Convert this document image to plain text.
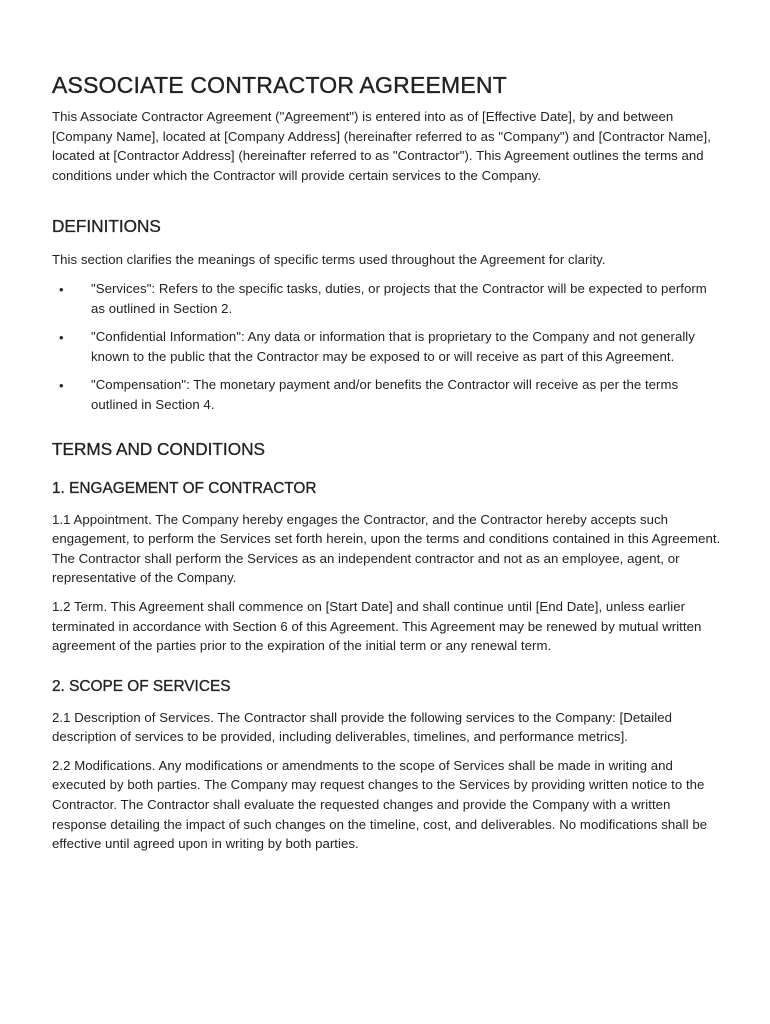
ASSOCIATE CONTRACTOR AGREEMENT

This Associate Contractor Agreement ("Agreement") is entered into as of [Effective Date], by and between [Company Name], located at [Company Address] (hereinafter referred to as "Company") and [Contractor Name], located at [Contractor Address] (hereinafter referred to as "Contractor"). This Agreement outlines the terms and conditions under which the Contractor will provide certain services to the Company.

DEFINITIONS

This section clarifies the meanings of specific terms used throughout the Agreement for clarity.

• "Services": Refers to the specific tasks, duties, or projects that the Contractor will be expected to perform as outlined in Section 2.

• "Confidential Information": Any data or information that is proprietary to the Company and not generally known to the public that the Contractor may be exposed to or will receive as part of this Agreement.

• "Compensation": The monetary payment and/or benefits the Contractor will receive as per the terms outlined in Section 4.

TERMS AND CONDITIONS
1. ENGAGEMENT OF CONTRACTOR

1.1 Appointment. The Company hereby engages the Contractor, and the Contractor hereby accepts such engagement, to perform the Services set forth herein, upon the terms and conditions contained in this Agreement. The Contractor shall perform the Services as an independent contractor and not as an employee, agent, or representative of the Company.

1.2 Term. This Agreement shall commence on [Start Date] and shall continue until [End Date], unless earlier terminated in accordance with Section 6 of this Agreement. This Agreement may be renewed by mutual written agreement of the parties prior to the expiration of the initial term or any renewal term.

2. SCOPE OF SERVICES

2.1 Description of Services. The Contractor shall provide the following services to the Company: [Detailed description of services to be provided, including deliverables, timelines, and performance metrics].

2.2 Modifications. Any modifications or amendments to the scope of Services shall be made in writing and executed by both parties. The Company may request changes to the Services by providing written notice to the Contractor. The Contractor shall evaluate the requested changes and provide the Company with a written response detailing the impact of such changes on the timeline, cost, and deliverables. No modifications shall be effective until agreed upon in writing by both parties.
